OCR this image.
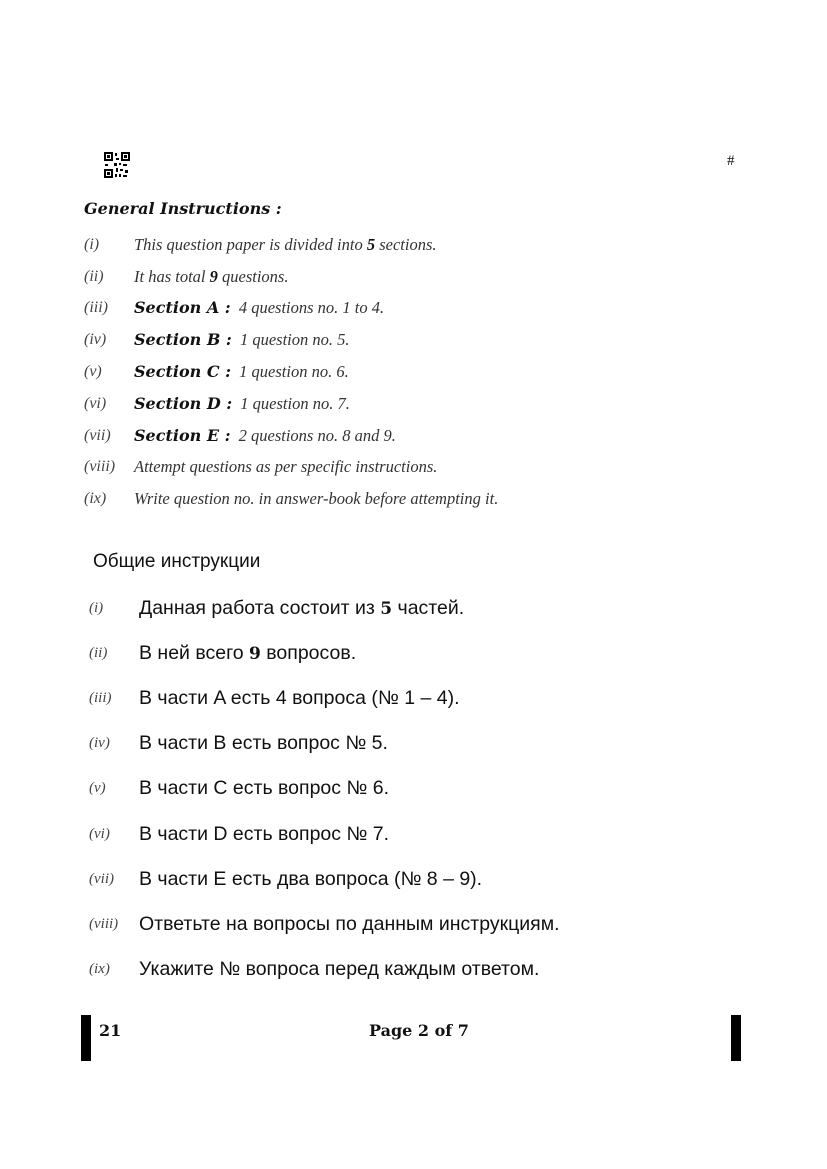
#
General Instructions :
(i)	This question paper is divided into 5 sections.
(ii)	It has total 9 questions.
(iii)	Section A : 4 questions no. 1 to 4.
(iv)	Section B : 1 question no. 5.
(v)	Section C : 1 question no. 6.
(vi)	Section D : 1 question no. 7.
(vii)	Section E : 2 questions no. 8 and 9.
(viii)	Attempt questions as per specific instructions.
(ix)	Write question no. in answer-book before attempting it.
Общие инструкции
(i)	Данная работа состоит из 5 частей.
(ii)	В ней всего 9 вопросов.
(iii)	В части A есть 4 вопроса (№ 1 – 4).
(iv)	В части B есть вопрос № 5.
(v)	В части C есть вопрос № 6.
(vi)	В части D есть вопрос № 7.
(vii)	В части E есть два вопроса (№ 8 – 9).
(viii)	Ответьте на вопросы по данным инструкциям.
(ix)	Укажите № вопроса перед каждым ответом.
21	Page 2 of 7
